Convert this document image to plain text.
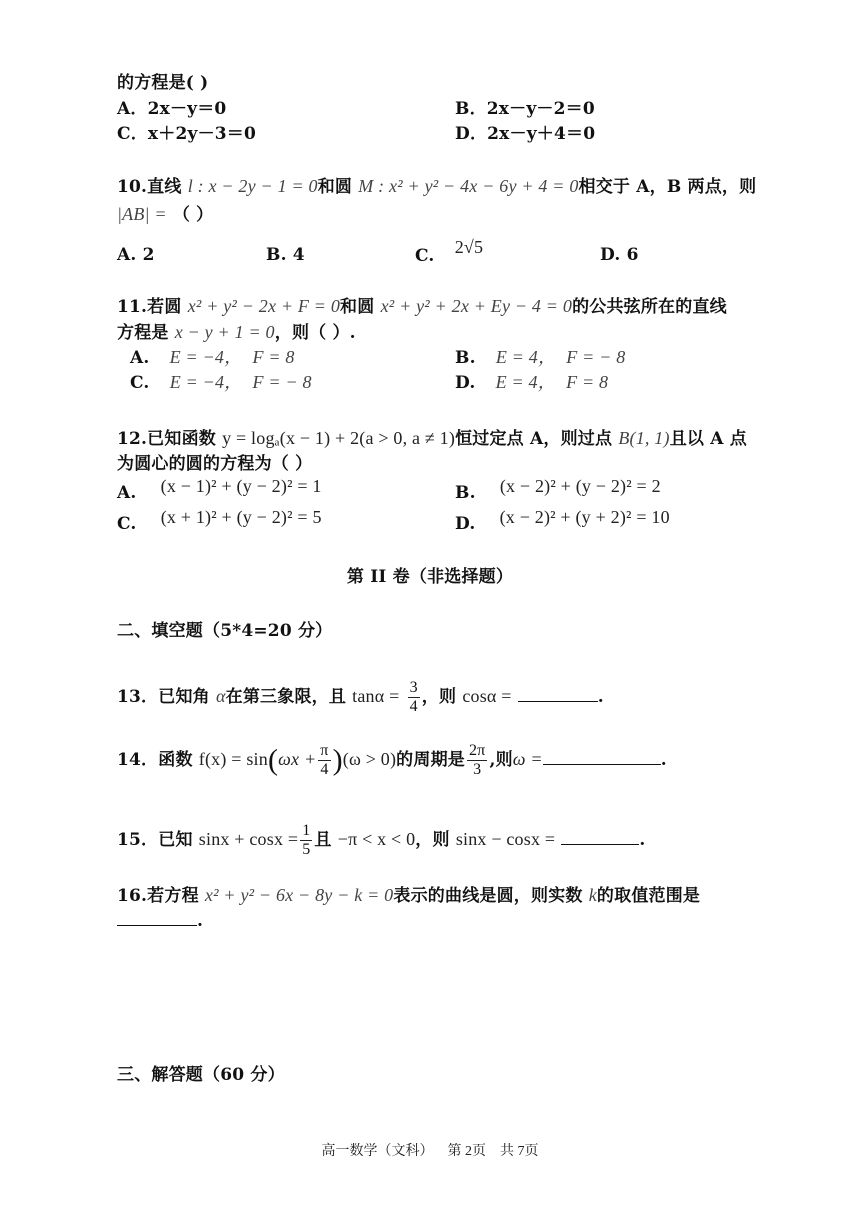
的方程是( )
A．2x－y＝0	B．2x－y－2＝0
C．x＋2y－3＝0	D．2x－y＋4＝0
10.直线 l : x − 2y − 1 = 0和圆 M : x² + y² − 4x − 6y + 4 = 0相交于 A，B 两点，则
|AB| = （ ）
A. 2	B. 4	C. 2√5	D. 6
11.若圆 x² + y² − 2x + F = 0和圆 x² + y² + 2x + Ey − 4 = 0的公共弦所在的直线
方程是 x − y + 1 = 0，则（ ）.
A. E = −4， F = 8	B. E = 4， F = − 8
C. E = −4， F = − 8	D. E = 4， F = 8
12.已知函数 y = logₐ(x − 1) + 2(a > 0, a ≠ 1)恒过定点 A，则过点 B(1, 1)且以 A 点
为圆心的圆的方程为（ ）
A. (x − 1)² + (y − 2)² = 1	B. (x − 2)² + (y − 2)² = 2
C. (x + 1)² + (y − 2)² = 5	D. (x − 2)² + (y + 2)² = 10
第 II 卷（非选择题）
二、填空题（5*4=20 分）
13．已知角 α在第三象限，且 $\tan\alpha = \frac{3}{4}$ ，则 cosα =	.
14．函数 $f(x) = \sin(\omega x + \frac{\pi}{4} )(\omega > 0)$的周期是 $\frac{2\pi}{3}$ ,则ω =	.
15．已知 $\sin x + \cos x = \frac{1}{5}$ 且 −π < x < 0，则 sinx − cosx =	.
16.若方程 x² + y² − 6x − 8y − k = 0表示的曲线是圆，则实数 k的取值范围是
.
三、解答题（60 分）
高一数学（文科）    第 2页    共 7页
